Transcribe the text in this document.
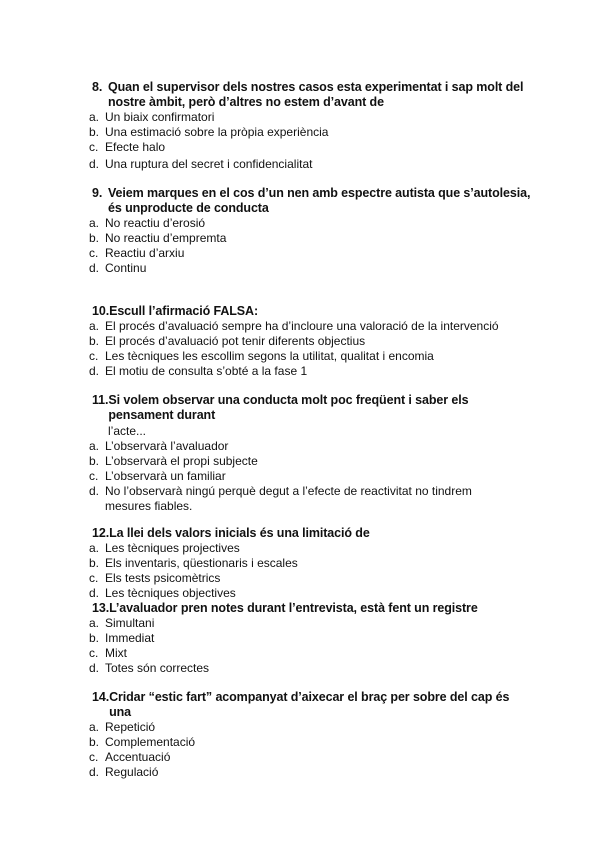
8. Quan el supervisor dels nostres casos esta experimentat i sap molt del nostre àmbit, però d’altres no estem d’avant de
a. Un biaix confirmatori
b. Una estimació sobre la pròpia experiència
c. Efecte halo
d. Una ruptura del secret i confidencialitat
9. Veiem marques en el cos d’un nen amb espectre autista que s’autolesia, és unproducte de conducta
a. No reactiu d’erosió
b. No reactiu d’empremta
c. Reactiu d’arxiu
d. Continu
10. Escull l’afirmació FALSA:
a. El procés d’avaluació sempre ha d’incloure una valoració de la intervenció
b. El procés d’avaluació pot tenir diferents objectius
c. Les tècniques les escollim segons la utilitat, qualitat i encomia
d. El motiu de consulta s’obté a la fase 1
11. Si volem observar una conducta molt poc freqüent i saber els pensament durant
l’acte...
a. L’observarà l’avaluador
b. L’observarà el propi subjecte
c. L’observarà un familiar
d. No l’observarà ningú perquè degut a l’efecte de reactivitat no tindrem mesures fiables.
12. La llei dels valors inicials és una limitació de
a. Les tècniques projectives
b. Els inventaris, qüestionaris i escales
c. Els tests psicomètrics
d. Les tècniques objectives
13. L’avaluador pren notes durant l’entrevista, està fent un registre
a. Simultani
b. Immediat
c. Mixt
d. Totes són correctes
14. Cridar “estic fart” acompanyat d’aixecar el braç per sobre del cap és una
a. Repetició
b. Complementació
c. Accentuació
d. Regulació
